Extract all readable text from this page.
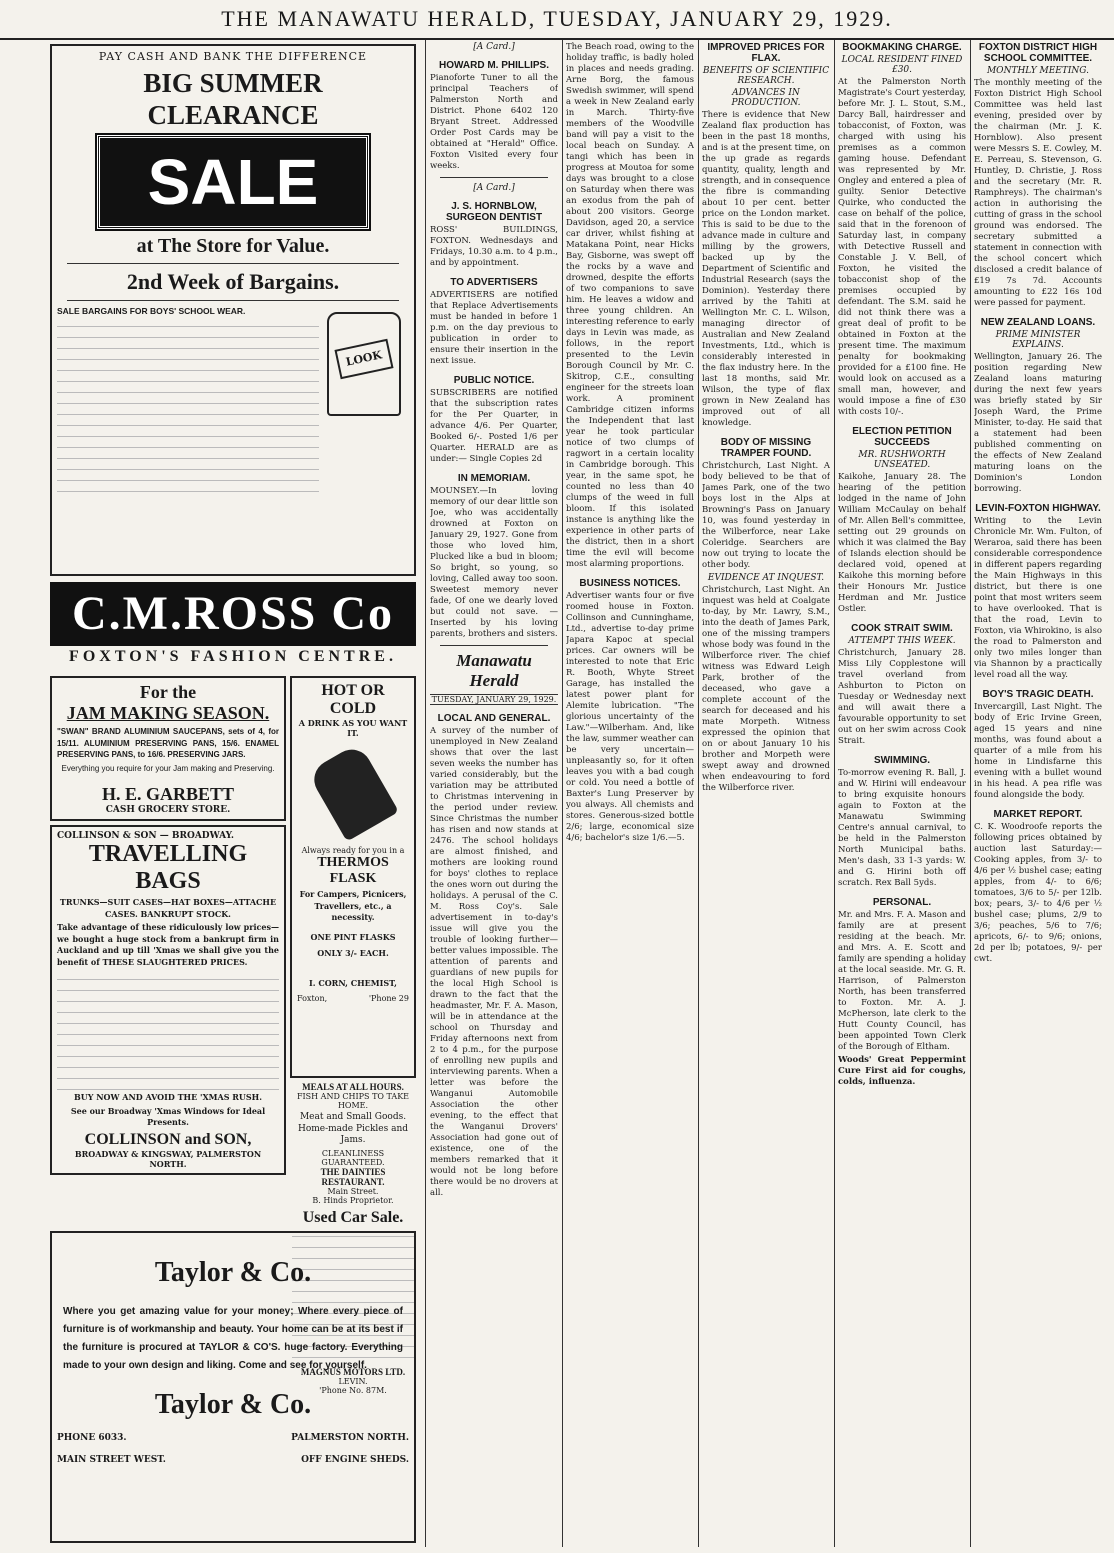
THE MANAWATU HERALD, TUESDAY, JANUARY 29, 1929.
PAY CASH AND BANK THE DIFFERENCE
BIG SUMMER CLEARANCE
SALE
at The Store for Value.
2nd Week of Bargains.
SALE BARGAINS FOR BOYS' SCHOOL WEAR.
LOOK
C.M.ROSS Co
FOXTON'S FASHION CENTRE.
For the
JAM MAKING SEASON.

"SWAN" BRAND ALUMINIUM SAUCEPANS, sets of 4, for 15/11. ALUMINIUM PRESERVING PANS, 15/6. ENAMEL PRESERVING PANS, to 16/6. PRESERVING JARS.

Everything you require for your Jam making and Preserving.

H. E. GARBETT
CASH GROCERY STORE.
COLLINSON & SON — BROADWAY.
TRAVELLING BAGS

TRUNKS—SUIT CASES—HAT BOXES—ATTACHE CASES. BANKRUPT STOCK.

Take advantage of these ridiculously low prices—we bought a huge stock from a bankrupt firm in Auckland and up till 'Xmas we shall give you the benefit of THESE SLAUGHTERED PRICES.

BUY NOW AND AVOID THE 'XMAS RUSH.

See our Broadway 'Xmas Windows for Ideal Presents.

COLLINSON and SON,
BROADWAY & KINGSWAY, PALMERSTON NORTH.
HOT OR COLD
A DRINK AS YOU WANT IT.
Always ready for you in a
THERMOS FLASK

For Campers, Picnicers, Travellers, etc., a necessity.

ONE PINT FLASKS
ONLY 3/- EACH.
I. CORN, CHEMIST,
Foxton,	'Phone 29
MEALS AT ALL HOURS.
FISH AND CHIPS TO TAKE HOME.

Meat and Small Goods. Home-made Pickles and Jams.

CLEANLINESS GUARANTEED.
THE DAINTIES RESTAURANT.
Main Street.
B. Hinds Proprietor.
Used Car Sale.
MAGNUS MOTORS LTD.
LEVIN.
'Phone No. 87M.
Taylor & Co.

Where you get amazing value for your money; Where every piece of furniture is of workmanship and beauty. Your home can be at its best if the furniture is procured at TAYLOR & CO'S. huge factory. Everything made to your own design and liking. Come and see for yourself.

Taylor & Co.
PHONE 6033.	PALMERSTON NORTH.
MAIN STREET WEST.	OFF ENGINE SHEDS.
[A Card.]
HOWARD M. PHILLIPS.

Pianoforte Tuner to all the principal Teachers of Palmerston North and District. Phone 6402 120 Bryant Street. Addressed Order Post Cards may be obtained at "Herald" Office. Foxton Visited every four weeks.

[A Card.]
J. S. HORNBLOW, SURGEON DENTIST

ROSS' BUILDINGS, FOXTON. Wednesdays and Fridays, 10.30 a.m. to 4 p.m., and by appointment.

TO ADVERTISERS

ADVERTISERS are notified that Replace Advertisements must be handed in before 1 p.m. on the day previous to publication in order to ensure their insertion in the next issue.

PUBLIC NOTICE.

SUBSCRIBERS are notified that the subscription rates for the Per Quarter, in advance 4/6. Per Quarter, Booked 6/-. Posted 1/6 per Quarter. HERALD are as under:— Single Copies 2d

IN MEMORIAM.

MOUNSEY.—In loving memory of our dear little son Joe, who was accidentally drowned at Foxton on January 29, 1927. Gone from those who loved him, Plucked like a bud in bloom; So bright, so young, so loving, Called away too soon. Sweetest memory never fade, Of one we dearly loved but could not save. —Inserted by his loving parents, brothers and sisters.

Manawatu Herald
TUESDAY, JANUARY 29, 1929.
LOCAL AND GENERAL.

A survey of the number of unemployed in New Zealand shows that over the last seven weeks the number has varied considerably, but the variation may be attributed to Christmas intervening in the period under review. Since Christmas the number has risen and now stands at 2476. The school holidays are almost finished, and mothers are looking round for boys' clothes to replace the ones worn out during the holidays. A perusal of the C. M. Ross Coy's. Sale advertisement in to-day's issue will give you the trouble of looking further—better values impossible. The attention of parents and guardians of new pupils for the local High School is drawn to the fact that the headmaster, Mr. F. A. Mason, will be in attendance at the school on Thursday and Friday afternoons next from 2 to 4 p.m., for the purpose of enrolling new pupils and interviewing parents. When a letter was before the Wanganui Automobile Association the other evening, to the effect that the Wanganui Drovers' Association had gone out of existence, one of the members remarked that it would not be long before there would be no drovers at all.

The Beach road, owing to the holiday traffic, is badly holed in places and needs grading. Arne Borg, the famous Swedish swimmer, will spend a week in New Zealand early in March. Thirty-five members of the Woodville band will pay a visit to the local beach on Sunday. A tangi which has been in progress at Moutoa for some days was brought to a close on Saturday when there was an exodus from the pah of about 200 visitors. George Davidson, aged 20, a service car driver, whilst fishing at Matakana Point, near Hicks Bay, Gisborne, was swept off the rocks by a wave and drowned, despite the efforts of two companions to save him. He leaves a widow and three young children. An interesting reference to early days in Levin was made, as follows, in the report presented to the Levin Borough Council by Mr. C. Skitrop, C.E., consulting engineer for the streets loan work. A prominent Cambridge citizen informs the Independent that last year he took particular notice of two clumps of ragwort in a certain locality in Cambridge borough. This year, in the same spot, he counted no less than 40 clumps of the weed in full bloom. If this isolated instance is anything like the experience in other parts of the district, then in a short time the evil will become most alarming proportions.

BUSINESS NOTICES.

Advertiser wants four or five roomed house in Foxton. Collinson and Cunninghame, Ltd., advertise to-day prime Japara Kapoc at special prices. Car owners will be interested to note that Eric R. Booth, Whyte Street Garage, has installed the latest power plant for Alemite lubrication. "The glorious uncertainty of the Law."—Wilberham. And, like the law, summer weather can be very uncertain—unpleasantly so, for it often leaves you with a bad cough or cold. You need a bottle of Baxter's Lung Preserver by you always. All chemists and stores. Generous-sized bottle 2/6; large, economical size 4/6; bachelor's size 1/6.—5.

IMPROVED PRICES FOR FLAX.
BENEFITS OF SCIENTIFIC RESEARCH.
ADVANCES IN PRODUCTION.

There is evidence that New Zealand flax production has been in the past 18 months, and is at the present time, on the up grade as regards quantity, quality, length and strength, and in consequence the fibre is commanding about 10 per cent. better price on the London market. This is said to be due to the advance made in culture and milling by the growers, backed up by the Department of Scientific and Industrial Research (says the Dominion). Yesterday there arrived by the Tahiti at Wellington Mr. C. L. Wilson, managing director of Australian and New Zealand Investments, Ltd., which is considerably interested in the flax industry here. In the last 18 months, said Mr. Wilson, the type of flax grown in New Zealand has improved out of all knowledge.

BODY OF MISSING TRAMPER FOUND.

Christchurch, Last Night. A body believed to be that of James Park, one of the two boys lost in the Alps at Browning's Pass on January 10, was found yesterday in the Wilberforce, near Lake Coleridge. Searchers are now out trying to locate the other body.

EVIDENCE AT INQUEST.

Christchurch, Last Night. An inquest was held at Coalgate to-day, by Mr. Lawry, S.M., into the death of James Park, one of the missing trampers whose body was found in the Wilberforce river. The chief witness was Edward Leigh Park, brother of the deceased, who gave a complete account of the search for deceased and his mate Morpeth. Witness expressed the opinion that on or about January 10 his brother and Morpeth were swept away and drowned when endeavouring to ford the Wilberforce river.

BOOKMAKING CHARGE.
LOCAL RESIDENT FINED £30.

At the Palmerston North Magistrate's Court yesterday, before Mr. J. L. Stout, S.M., Darcy Ball, hairdresser and tobacconist, of Foxton, was charged with using his premises as a common gaming house. Defendant was represented by Mr. Ongley and entered a plea of guilty. Senior Detective Quirke, who conducted the case on behalf of the police, said that in the forenoon of Saturday last, in company with Detective Russell and Constable J. V. Bell, of Foxton, he visited the tobacconist shop of the premises occupied by defendant. The S.M. said he did not think there was a great deal of profit to be obtained in Foxton at the present time. The maximum penalty for bookmaking provided for a £100 fine. He would look on accused as a small man, however, and would impose a fine of £30 with costs 10/-.

ELECTION PETITION SUCCEEDS
MR. RUSHWORTH UNSEATED.

Kaikohe, January 28. The hearing of the petition lodged in the name of John William McCaulay on behalf of Mr. Allen Bell's committee, setting out 29 grounds on which it was claimed the Bay of Islands election should be declared void, opened at Kaikohe this morning before their Honours Mr. Justice Herdman and Mr. Justice Ostler.

COOK STRAIT SWIM.
ATTEMPT THIS WEEK.

Christchurch, January 28. Miss Lily Copplestone will travel overland from Ashburton to Picton on Tuesday or Wednesday next and will await there a favourable opportunity to set out on her swim across Cook Strait.

SWIMMING.

To-morrow evening R. Ball, J. and W. Hirini will endeavour to bring exquisite honours again to Foxton at the Manawatu Swimming Centre's annual carnival, to be held in the Palmerston North Municipal baths. Men's dash, 33 1-3 yards: W. and G. Hirini both off scratch. Rex Ball 5yds.

PERSONAL.

Mr. and Mrs. F. A. Mason and family are at present residing at the beach. Mr. and Mrs. A. E. Scott and family are spending a holiday at the local seaside. Mr. G. R. Harrison, of Palmerston North, has been transferred to Foxton. Mr. A. J. McPherson, late clerk to the Hutt County Council, has been appointed Town Clerk of the Borough of Eltham.

Woods' Great Peppermint Cure First aid for coughs, colds, influenza.

FOXTON DISTRICT HIGH SCHOOL COMMITTEE.
MONTHLY MEETING.

The monthly meeting of the Foxton District High School Committee was held last evening, presided over by the chairman (Mr. J. K. Hornblow). Also present were Messrs S. E. Cowley, M. E. Perreau, S. Stevenson, G. Huntley, D. Christie, J. Ross and the secretary (Mr. R. Ramphreys). The chairman's action in authorising the cutting of grass in the school ground was endorsed. The secretary submitted a statement in connection with the school concert which disclosed a credit balance of £19 7s 7d. Accounts amounting to £22 16s 10d were passed for payment.

NEW ZEALAND LOANS.
PRIME MINISTER EXPLAINS.

Wellington, January 26. The position regarding New Zealand loans maturing during the next few years was briefly stated by Sir Joseph Ward, the Prime Minister, to-day. He said that a statement had been published commenting on the effects of New Zealand maturing loans on the Dominion's London borrowing.

LEVIN-FOXTON HIGHWAY.

Writing to the Levin Chronicle Mr. Wm. Fulton, of Weraroa, said there has been considerable correspondence in different papers regarding the Main Highways in this district, but there is one point that most writers seem to have overlooked. That is that the road, Levin to Foxton, via Whirokino, is also the road to Palmerston and only two miles longer than via Shannon by a practically level road all the way.

BOY'S TRAGIC DEATH.

Invercargill, Last Night. The body of Eric Irvine Green, aged 15 years and nine months, was found about a quarter of a mile from his home in Lindisfarne this evening with a bullet wound in his head. A pea rifle was found alongside the body.

MARKET REPORT.

C. K. Woodroofe reports the following prices obtained by auction last Saturday:—Cooking apples, from 3/- to 4/6 per ½ bushel case; eating apples, from 4/- to 6/6; tomatoes, 3/6 to 5/- per 12lb. box; pears, 3/- to 4/6 per ½ bushel case; plums, 2/9 to 3/6; peaches, 5/6 to 7/6; apricots, 6/- to 9/6; onions, 2d per lb; potatoes, 9/- per cwt.
